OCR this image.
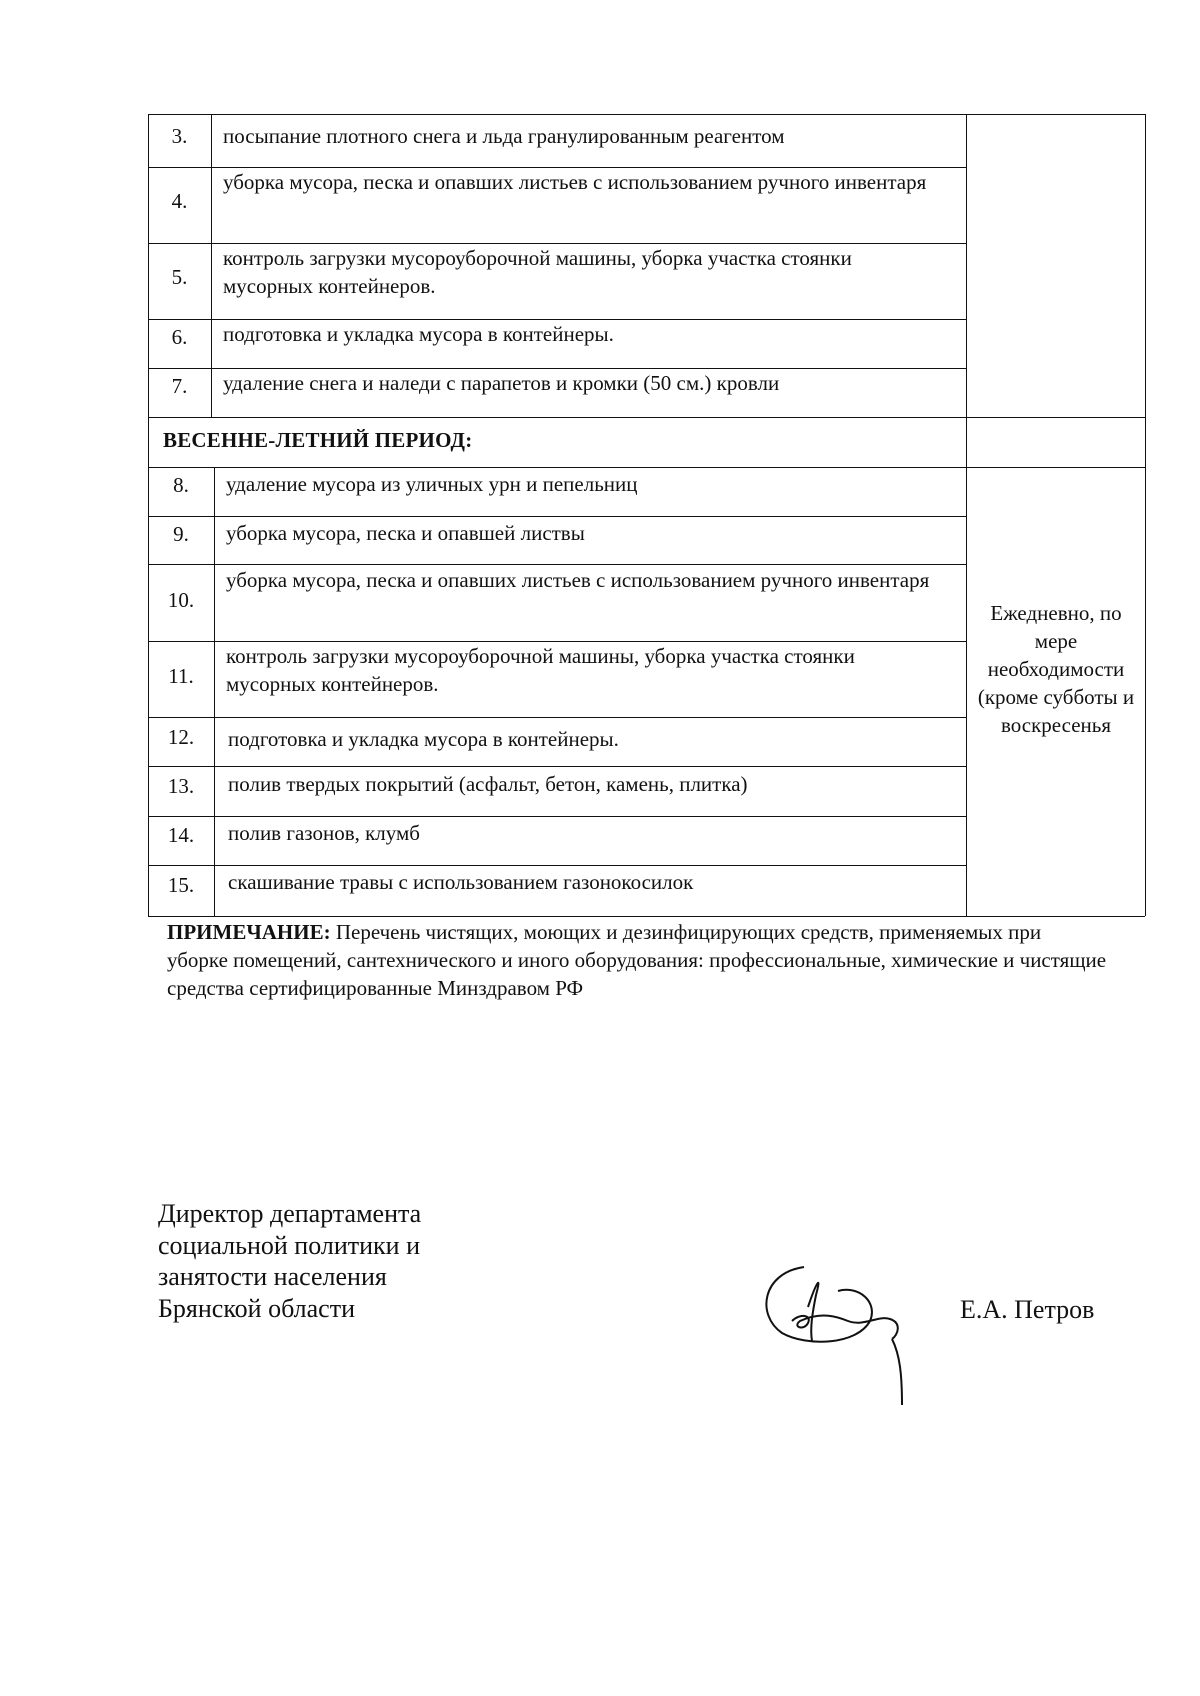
3.
4.
5.
6.
7.
8.
9.
10.
11.
12.
13.
14.
15.
посыпание плотного снега и льда гранулированным реагентом
уборка мусора, песка и опавших листьев с использованием ручного инвентаря
контроль загрузки мусороуборочной машины, уборка участка стоянки мусорных контейнеров.
подготовка и укладка мусора в контейнеры.
удаление снега и наледи с парапетов и кромки (50 см.) кровли
удаление мусора из уличных урн и пепельниц
уборка мусора, песка и опавшей листвы
уборка мусора, песка и опавших листьев с использованием ручного инвентаря
контроль загрузки мусороуборочной машины, уборка участка стоянки мусорных контейнеров.
подготовка и укладка мусора в контейнеры.
полив твердых покрытий (асфальт, бетон, камень, плитка)
полив газонов, клумб
скашивание травы с использованием газонокосилок
ВЕСЕННЕ-ЛЕТНИЙ ПЕРИОД:
Ежедневно, по мере необходимости (кроме субботы и воскресенья
ПРИМЕЧАНИЕ: Перечень чистящих, моющих и дезинфицирующих средств, применяемых при уборке помещений, сантехнического и иного оборудования: профессиональные, химические и чистящие средства сертифицированные Минздравом РФ
Директор департамента
социальной политики и
занятости населения
Брянской области	Е.А. Петров
